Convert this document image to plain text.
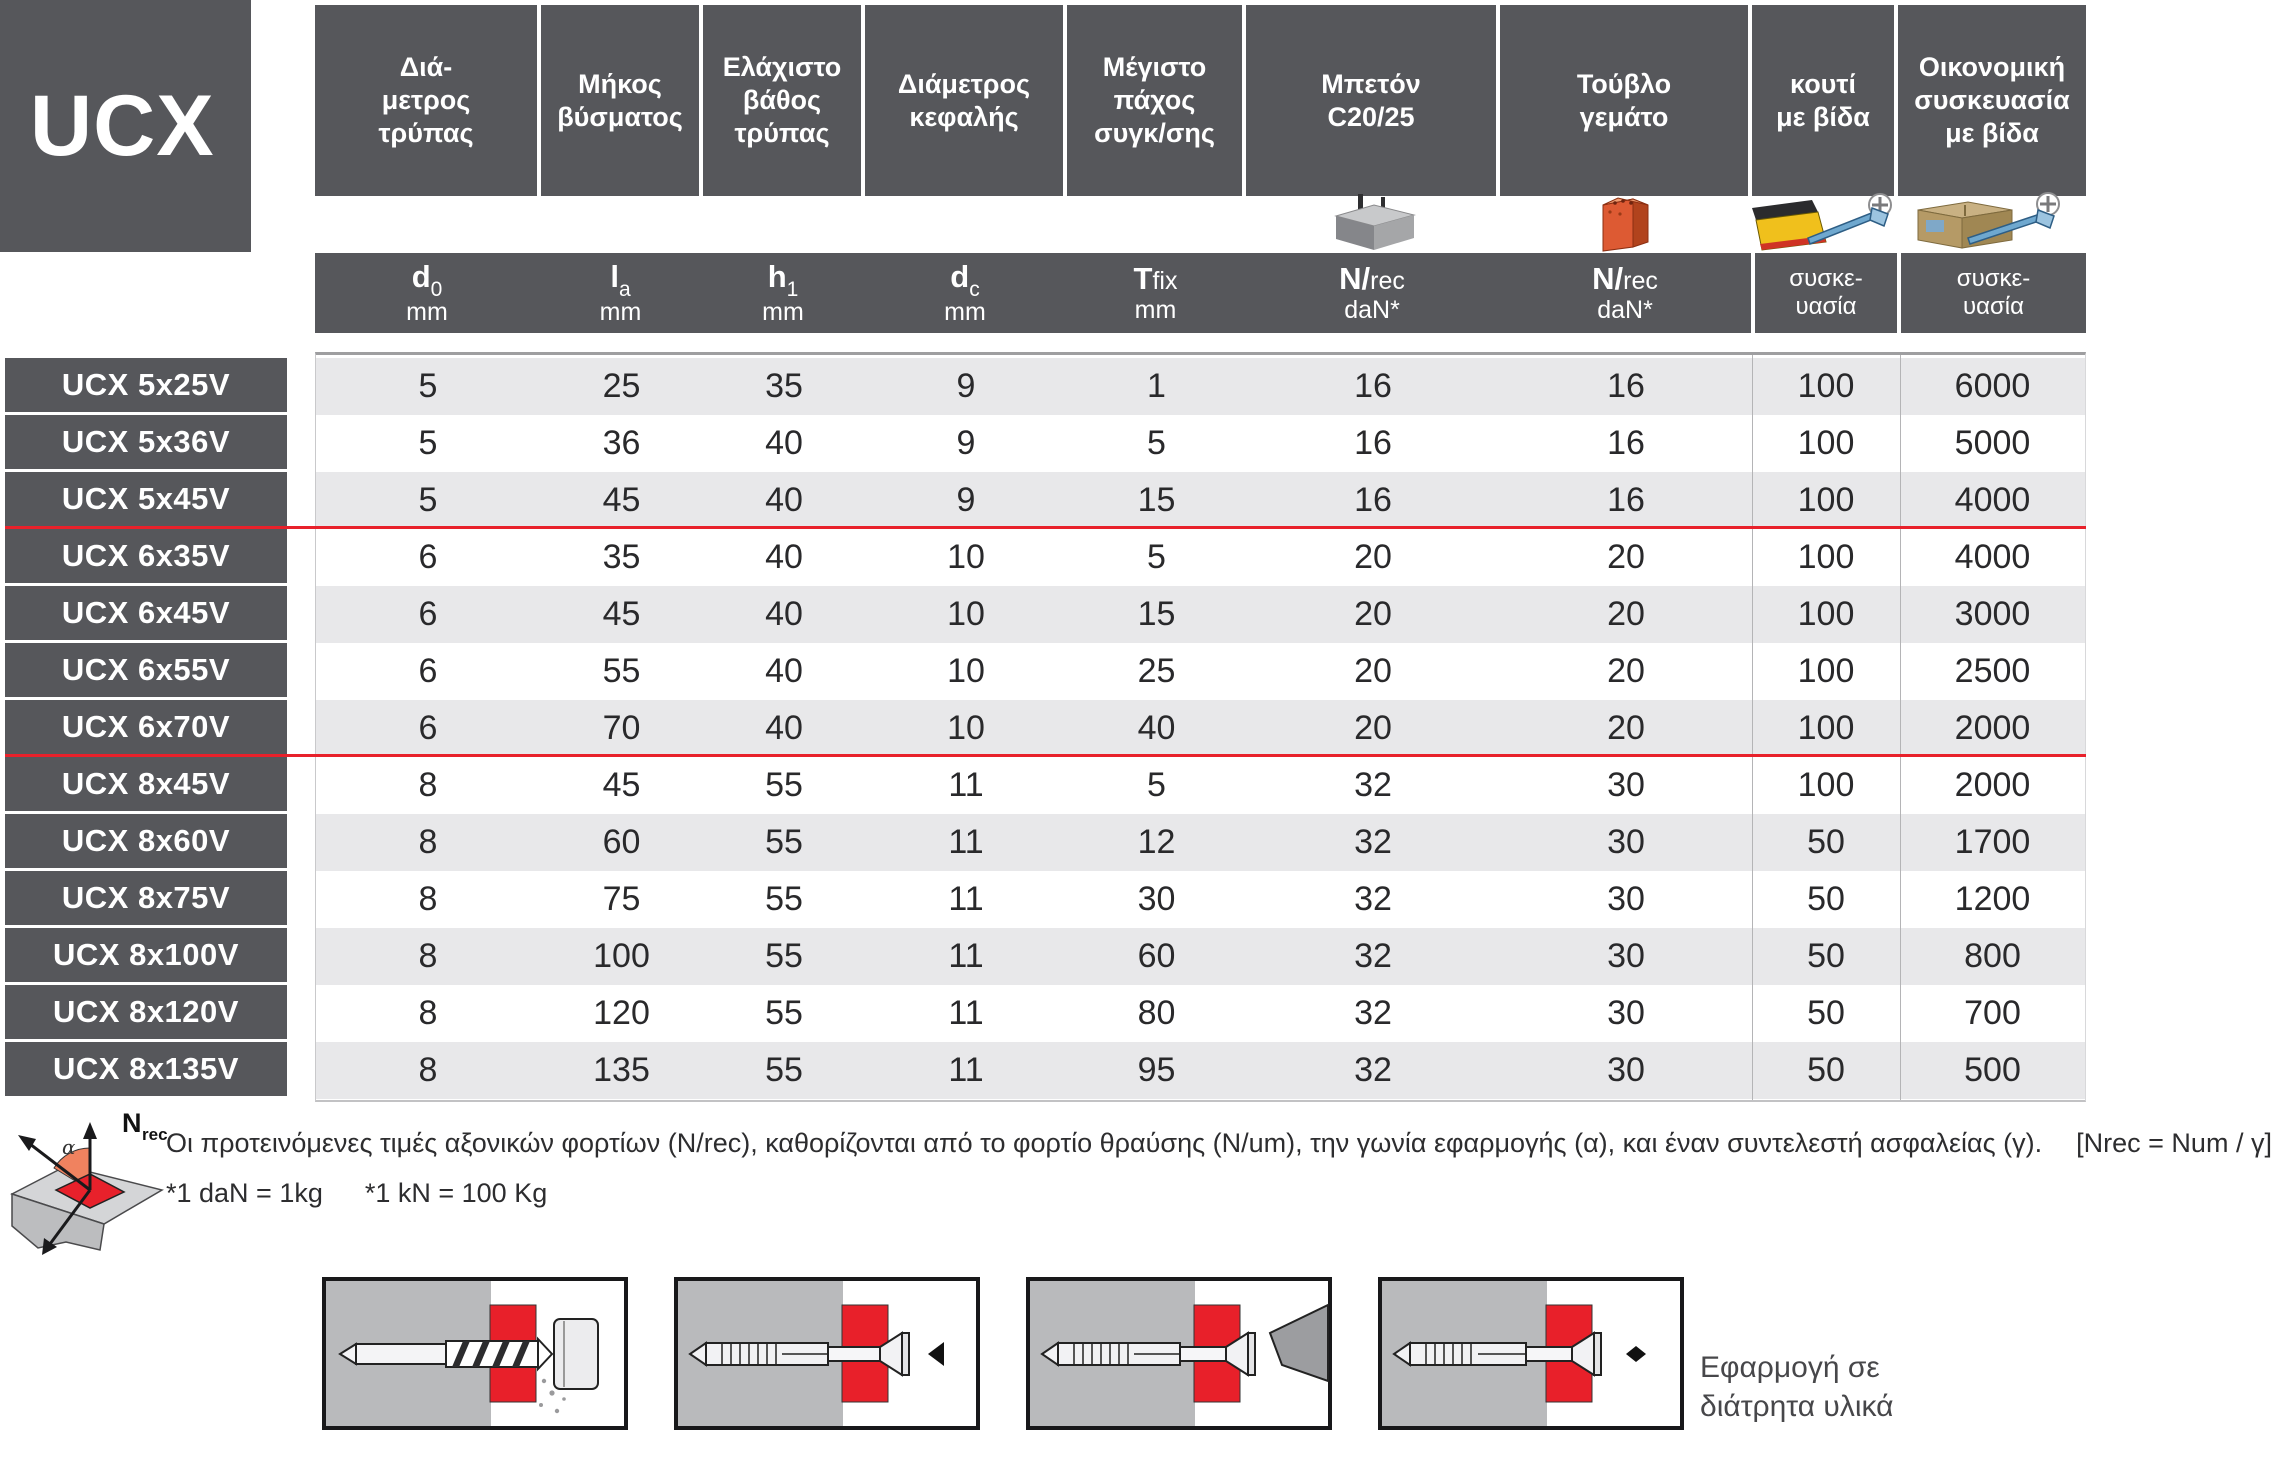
UCX
Διά-
μετρος
τρύπας
Μήκος
βύσματος
Ελάχιστο
βάθος
τρύπας
Διάμετρος
κεφαλής
Μέγιστο
πάχος
συγκ/σης
Μπετόν
C20/25
Τούβλο
γεμάτο
κουτί
με βίδα
Οικονομική
συσκευασία
με βίδα
d0
mm
la
mm
h1
mm
dc
mm
Tfix
mm
N/rec
daN*
N/rec
daN*
συσκε-
υασία
συσκε-
υασία
UCX 5x25V
UCX 5x36V
UCX 5x45V
UCX 6x35V
UCX 6x45V
UCX 6x55V
UCX 6x70V
UCX 8x45V
UCX 8x60V
UCX 8x75V
UCX 8x100V
UCX 8x120V
UCX 8x135V
5	25	35	9	1	16	16	100	6000
5	36	40	9	5	16	16	100	5000
5	45	40	9	15	16	16	100	4000
6	35	40	10	5	20	20	100	4000
6	45	40	10	15	20	20	100	3000
6	55	40	10	25	20	20	100	2500
6	70	40	10	40	20	20	100	2000
8	45	55	11	5	32	30	100	2000
8	60	55	11	12	32	30	50	1700
8	75	55	11	30	32	30	50	1200
8	100	55	11	60	32	30	50	800
8	120	55	11	80	32	30	50	700
8	135	55	11	95	32	30	50	500
α
N rec
Οι προτεινόμενες τιμές αξονικών φορτίων (N/rec), καθορίζονται από το φορτίο θραύσης (N/um), την γωνία εφαρμογής (α), και έναν συντελεστή ασφαλείας (γ). [Nrec = Num / γ]
*1 daN = 1kg *1 kN = 100 Kg
Εφαρμογή σε
διάτρητα υλικά
